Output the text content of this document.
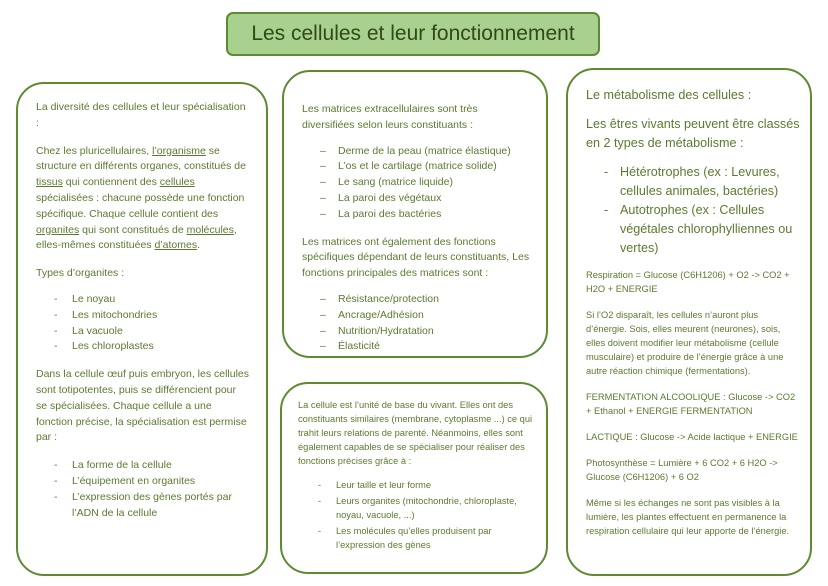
Les cellules et leur fonctionnement

La diversité des cellules et leur spécialisation :

Chez les pluricellulaires, l’organisme se structure en différents organes, constitués de tissus qui contiennent des cellules spécialisées : chacune possède une fonction spécifique. Chaque cellule contient des organites qui sont constitués de molécules, elles-mêmes constituées d’atomes.

Types d’organites :

- Le noyau
- Les mitochondries
- La vacuole
- Les chloroplastes

Dans la cellule œuf puis embryon, les cellules sont totipotentes, puis se différencient pour se spécialisées. Chaque cellule a une fonction précise, la spécialisation est permise par :

- La forme de la cellule
- L’équipement en organites
- L’expression des gènes portés par l’ADN de la cellule

Les matrices extracellulaires sont très diversifiées selon leurs constituants :

– Derme de la peau (matrice élastique)
– L’os et le cartilage (matrice solide)
– Le sang (matrice liquide)
– La paroi des végétaux
– La paroi des bactéries

Les matrices ont également des fonctions spécifiques dépendant de leurs constituants, Les fonctions principales des matrices sont :

– Résistance/protection
– Ancrage/Adhésion
– Nutrition/Hydratation
– Élasticité

La cellule est l’unité de base du vivant. Elles ont des constituants similaires (membrane, cytoplasme ...) ce qui trahit leurs relations de parenté. Néanmoins, elles sont également capables de se spécialiser pour réaliser des fonctions précises grâce à :

- Leur taille et leur forme
- Leurs organites (mitochondrie, chloroplaste, noyau, vacuole, ...)
- Les molécules qu’elles produisent par l’expression des gènes

Le métabolisme des cellules :

Les êtres vivants peuvent être classés en 2 types de métabolisme :

- Hétérotrophes (ex : Levures, cellules animales, bactéries)
- Autotrophes (ex : Cellules végétales chlorophylliennes ou vertes)

Respiration = Glucose (C6H1206) + O2 -> CO2 + H2O + ENERGIE

Si l’O2 disparaît, les cellules n’auront plus d’énergie. Sois, elles meurent (neurones), sois, elles doivent modifier leur métabolisme (cellule musculaire) et produire de l’énergie grâce à une autre réaction chimique (fermentations).

FERMENTATION ALCOOLIQUE : Glucose -> CO2 + Ethanol + ENERGIE FERMENTATION

LACTIQUE : Glucose -> Acide lactique + ENERGIE

Photosynthèse = Lumière + 6 CO2 + 6 H2O -> Glucose (C6H1206) + 6 O2

Même si les échanges ne sont pas visibles à la lumière, les plantes effectuent en permanence la respiration cellulaire qui leur apporte de l’énergie.
